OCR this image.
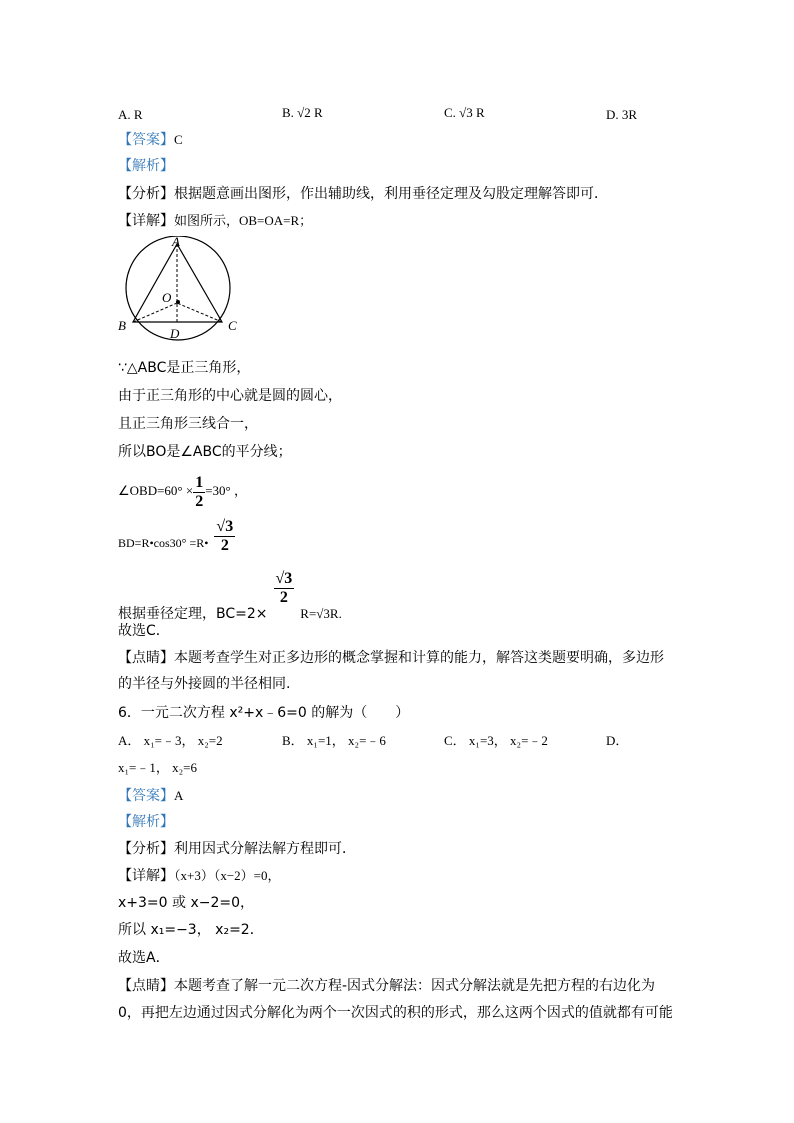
A. R	B. √2 R	C. √3 R	D. 3R
【答案】C
【解析】
【分析】根据题意画出图形，作出辅助线，利用垂径定理及勾股定理解答即可．
【详解】如图所示，OB=OA=R；
A
O
B
D
C
∵△ABC是正三角形，
由于正三角形的中心就是圆的圆心，
且正三角形三线合一，
所以BO是∠ABC的平分线；
∠OBD=60° × $\frac{1}{2} =30^\circ$ ，
BD=R•cos30° =R• $\frac{√3}{2}$
根据垂径定理，BC=2×
$\frac{√3}{2}$
R=√3R.
故选C．
【点睛】本题考查学生对正多边形的概念掌握和计算的能力，解答这类题要明确，多边形
的半径与外接圆的半径相同.
6．一元二次方程 x²+x﹣6=0 的解为（　　）
A． x₁=﹣3， x₂=2	B． x₁=1， x₂=﹣6	C． x₁=3， x₂=﹣2	D．
x₁=﹣1， x₂=6
【答案】A
【解析】
【分析】利用因式分解法解方程即可．
【详解】（x+3）（x−2）=0，
x+3=0 或 x−2=0，
所以 x₁=−3， x₂=2．
故选A．
【点睛】本题考查了解一元二次方程-因式分解法：因式分解法就是先把方程的右边化为
0，再把左边通过因式分解化为两个一次因式的积的形式，那么这两个因式的值就都有可能
